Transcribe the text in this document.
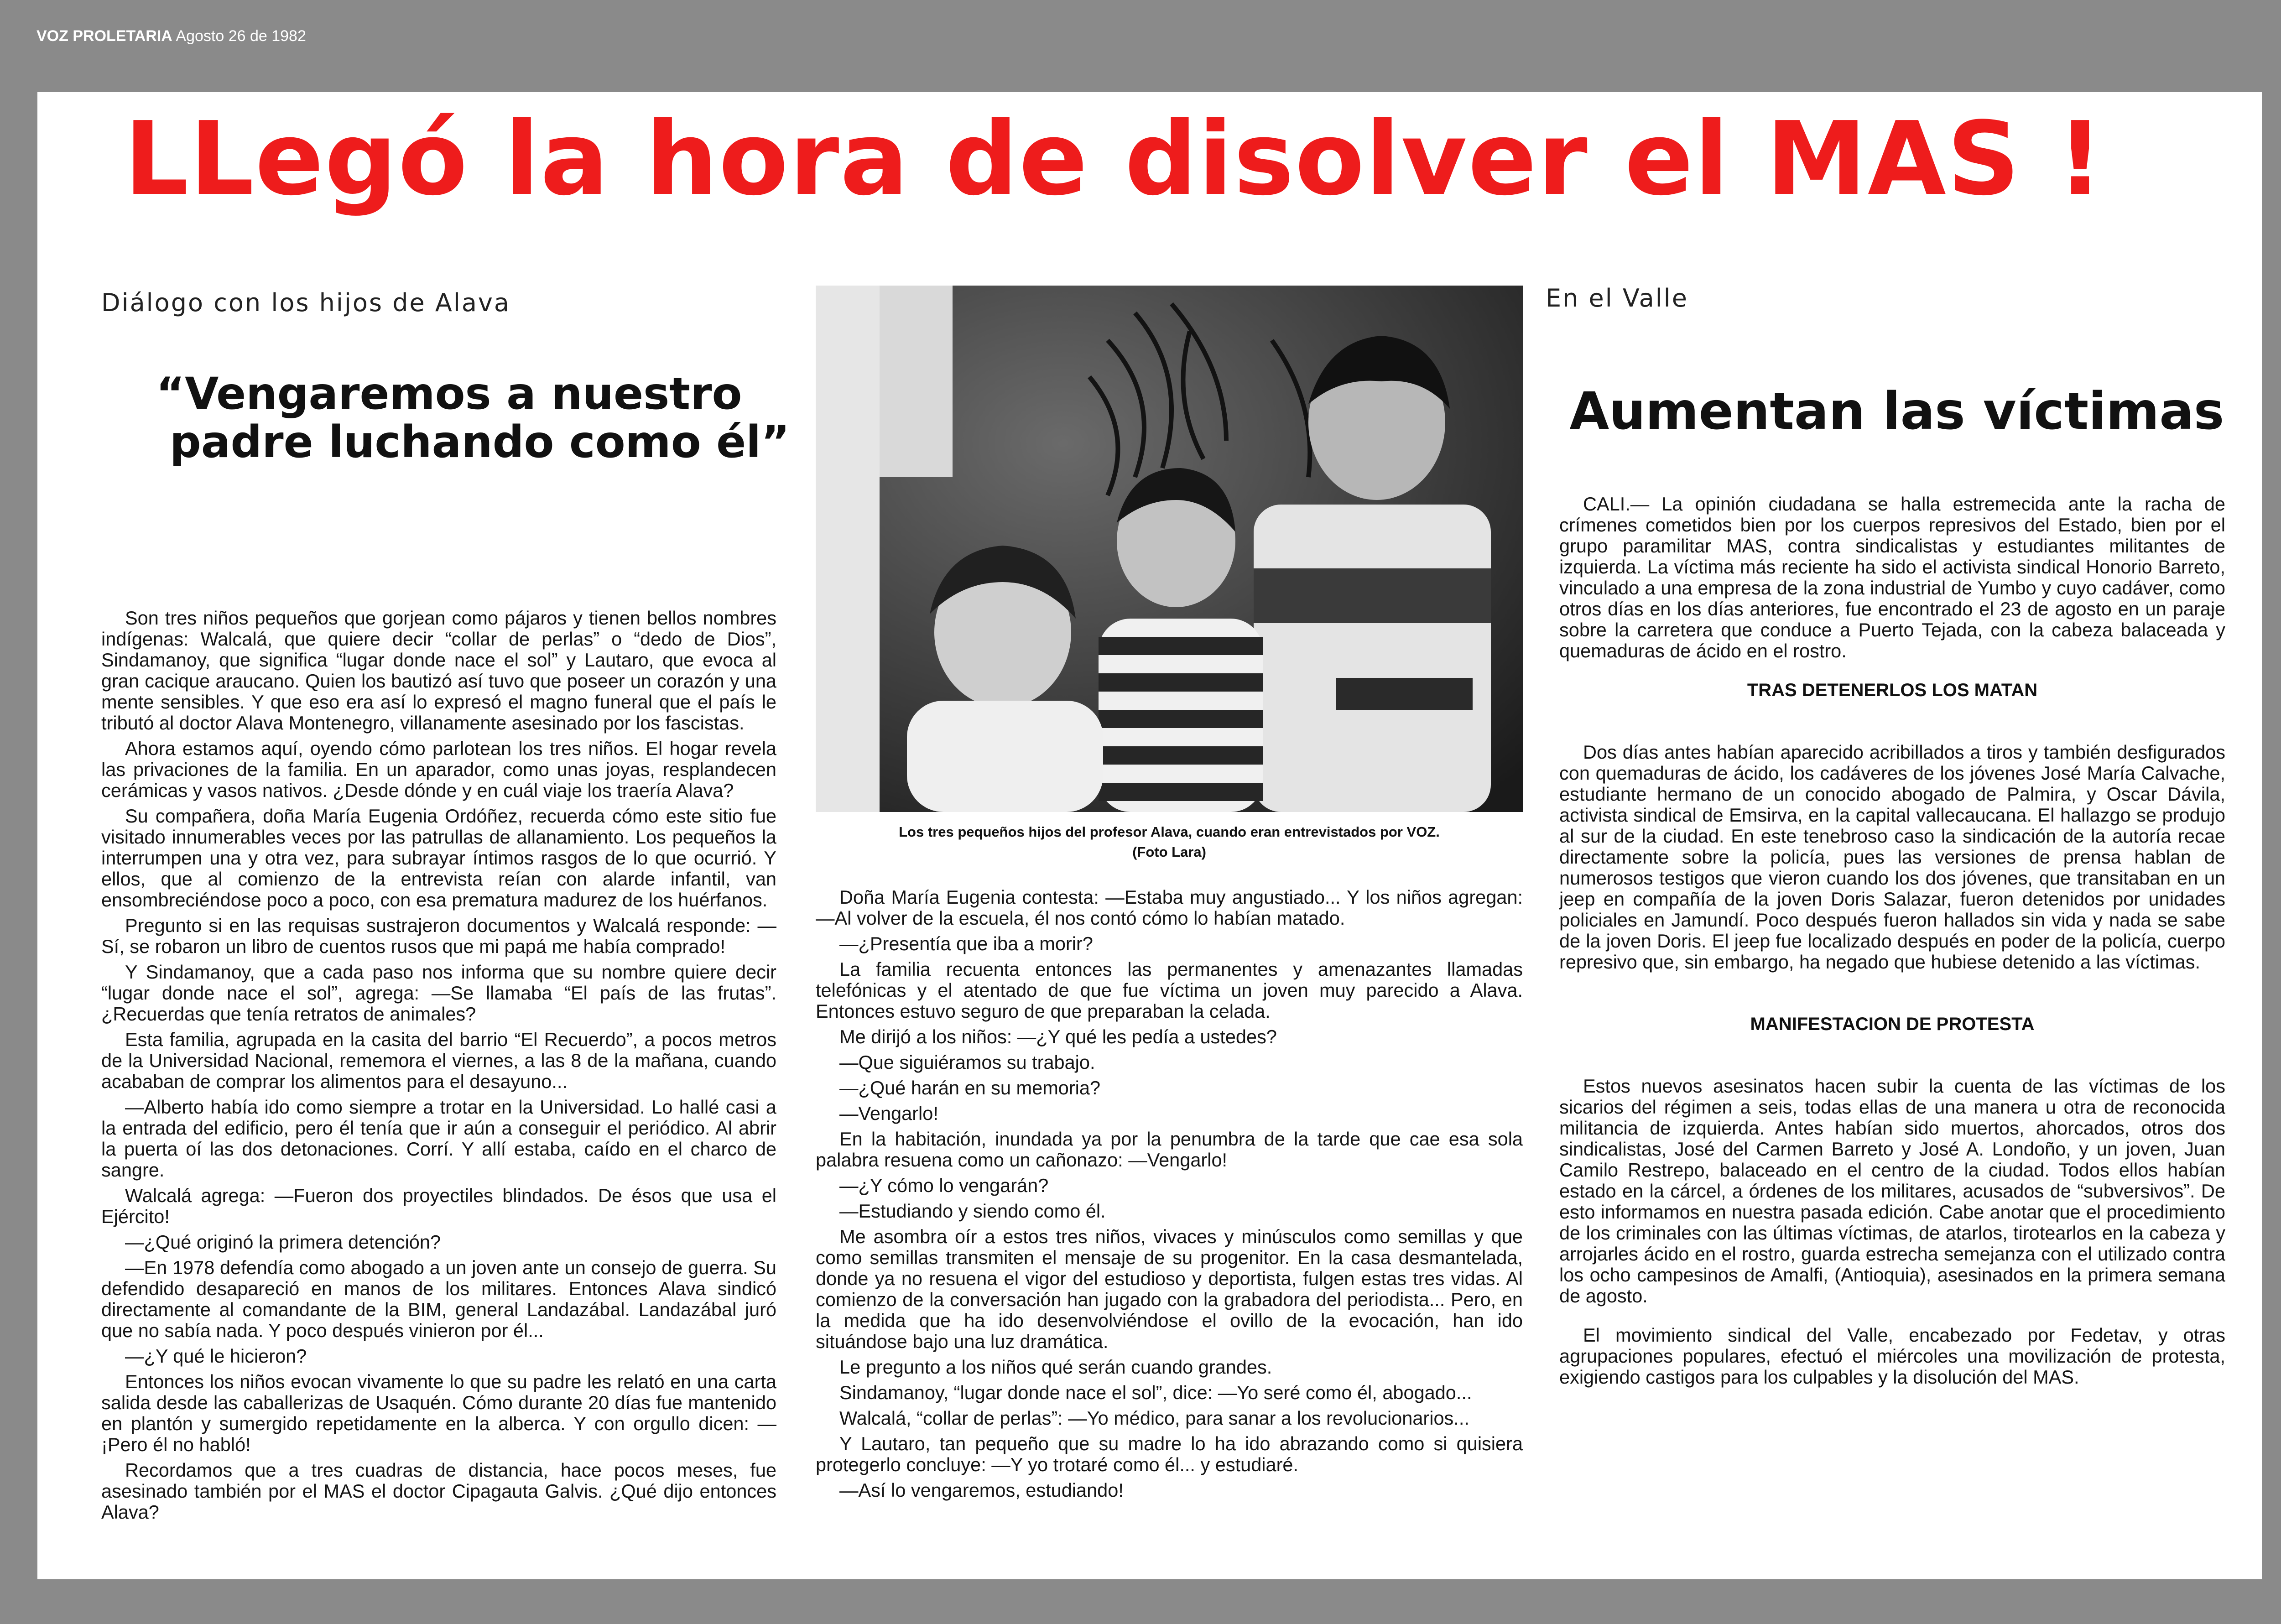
VOZ PROLETARIA Agosto 26 de 1982
LLegó la hora de disolver el MAS !
Diálogo con los hijos de Alava
“Vengaremos a nuestro
padre luchando como él”

Son tres niños pequeños que gorjean como pájaros y tienen bellos nombres indígenas: Walcalá, que quiere decir “collar de perlas” o “dedo de Dios”, Sindamanoy, que significa “lugar donde nace el sol” y Lautaro, que evoca al gran cacique araucano. Quien los bautizó así tuvo que poseer un corazón y una mente sensibles. Y que eso era así lo expresó el magno funeral que el país le tributó al doctor Alava Montenegro, villanamente asesinado por los fascistas.

Ahora estamos aquí, oyendo cómo parlotean los tres niños. El hogar revela las privaciones de la familia. En un aparador, como unas joyas, resplandecen cerámicas y vasos nativos. ¿Desde dónde y en cuál viaje los traería Alava?

Su compañera, doña María Eugenia Ordóñez, recuerda cómo este sitio fue visitado innumerables veces por las patrullas de allanamiento. Los pequeños la interrumpen una y otra vez, para subrayar íntimos rasgos de lo que ocurrió. Y ellos, que al comienzo de la entrevista reían con alarde infantil, van ensombreciéndose poco a poco, con esa prematura madurez de los huérfanos.

Pregunto si en las requisas sustrajeron documentos y Walcalá responde: —Sí, se robaron un libro de cuentos rusos que mi papá me había comprado!

Y Sindamanoy, que a cada paso nos informa que su nombre quiere decir “lugar donde nace el sol”, agrega: —Se llamaba “El país de las frutas”. ¿Recuerdas que tenía retratos de animales?

Esta familia, agrupada en la casita del barrio “El Recuerdo”, a pocos metros de la Universidad Nacional, rememora el viernes, a las 8 de la mañana, cuando acababan de comprar los alimentos para el desayuno...

—Alberto había ido como siempre a trotar en la Universidad. Lo hallé casi a la entrada del edificio, pero él tenía que ir aún a conseguir el periódico. Al abrir la puerta oí las dos detonaciones. Corrí. Y allí estaba, caído en el charco de sangre.

Walcalá agrega: —Fueron dos proyectiles blindados. De ésos que usa el Ejército!

—¿Qué originó la primera detención?

—En 1978 defendía como abogado a un joven ante un consejo de guerra. Su defendido desapareció en manos de los militares. Entonces Alava sindicó directamente al comandante de la BIM, general Landazábal. Landazábal juró que no sabía nada. Y poco después vinieron por él...

—¿Y qué le hicieron?

Entonces los niños evocan vivamente lo que su padre les relató en una carta salida desde las caballerizas de Usaquén. Cómo durante 20 días fue mantenido en plantón y sumergido repetidamente en la alberca. Y con orgullo dicen: —¡Pero él no habló!

Recordamos que a tres cuadras de distancia, hace pocos meses, fue asesinado también por el MAS el doctor Cipagauta Galvis. ¿Qué dijo entonces Alava?

Los tres pequeños hijos del profesor Alava, cuando eran entrevistados por VOZ.
(Foto Lara)

Doña María Eugenia contesta: —Estaba muy angustiado... Y los niños agregan: —Al volver de la escuela, él nos contó cómo lo habían matado.

—¿Presentía que iba a morir?

La familia recuenta entonces las permanentes y amenazantes llamadas telefónicas y el atentado de que fue víctima un joven muy parecido a Alava. Entonces estuvo seguro de que preparaban la celada.

Me dirijó a los niños: —¿Y qué les pedía a ustedes?

—Que siguiéramos su trabajo.

—¿Qué harán en su memoria?

—Vengarlo!

En la habitación, inundada ya por la penumbra de la tarde que cae esa sola palabra resuena como un cañonazo: —Vengarlo!

—¿Y cómo lo vengarán?

—Estudiando y siendo como él.

Me asombra oír a estos tres niños, vivaces y minúsculos como semillas y que como semillas transmiten el mensaje de su progenitor. En la casa desmantelada, donde ya no resuena el vigor del estudioso y deportista, fulgen estas tres vidas. Al comienzo de la conversación han jugado con la grabadora del periodista... Pero, en la medida que ha ido desenvolviéndose el ovillo de la evocación, han ido situándose bajo una luz dramática.

Le pregunto a los niños qué serán cuando grandes.

Sindamanoy, “lugar donde nace el sol”, dice: —Yo seré como él, abogado...

Walcalá, “collar de perlas”: —Yo médico, para sanar a los revolucionarios...

Y Lautaro, tan pequeño que su madre lo ha ido abrazando como si quisiera protegerlo concluye: —Y yo trotaré como él... y estudiaré.

—Así lo vengaremos, estudiando!

En el Valle
Aumentan las víctimas

CALI.— La opinión ciudadana se halla estremecida ante la racha de crímenes cometidos bien por los cuerpos represivos del Estado, bien por el grupo paramilitar MAS, contra sindicalistas y estudiantes militantes de izquierda. La víctima más reciente ha sido el activista sindical Honorio Barreto, vinculado a una empresa de la zona industrial de Yumbo y cuyo cadáver, como otros días en los días anteriores, fue encontrado el 23 de agosto en un paraje sobre la carretera que conduce a Puerto Tejada, con la cabeza balaceada y quemaduras de ácido en el rostro.

TRAS DETENERLOS LOS MATAN

Dos días antes habían aparecido acribillados a tiros y también desfigurados con quemaduras de ácido, los cadáveres de los jóvenes José María Calvache, estudiante hermano de un conocido abogado de Palmira, y Oscar Dávila, activista sindical de Emsirva, en la capital vallecaucana. El hallazgo se produjo al sur de la ciudad. En este tenebroso caso la sindicación de la autoría recae directamente sobre la policía, pues las versiones de prensa hablan de numerosos testigos que vieron cuando los dos jóvenes, que transitaban en un jeep en compañía de la joven Doris Salazar, fueron detenidos por unidades policiales en Jamundí. Poco después fueron hallados sin vida y nada se sabe de la joven Doris. El jeep fue localizado después en poder de la policía, cuerpo represivo que, sin embargo, ha negado que hubiese detenido a las víctimas.

MANIFESTACION DE PROTESTA

Estos nuevos asesinatos hacen subir la cuenta de las víctimas de los sicarios del régimen a seis, todas ellas de una manera u otra de reconocida militancia de izquierda. Antes habían sido muertos, ahorcados, otros dos sindicalistas, José del Carmen Barreto y José A. Londoño, y un joven, Juan Camilo Restrepo, balaceado en el centro de la ciudad. Todos ellos habían estado en la cárcel, a órdenes de los militares, acusados de “subversivos”. De esto informamos en nuestra pasada edición. Cabe anotar que el procedimiento de los criminales con las últimas víctimas, de atarlos, tirotearlos en la cabeza y arrojarles ácido en el rostro, guarda estrecha semejanza con el utilizado contra los ocho campesinos de Amalfi, (Antioquia), asesinados en la primera semana de agosto.

El movimiento sindical del Valle, encabezado por Fedetav, y otras agrupaciones populares, efectuó el miércoles una movilización de protesta, exigiendo castigos para los culpables y la disolución del MAS.
